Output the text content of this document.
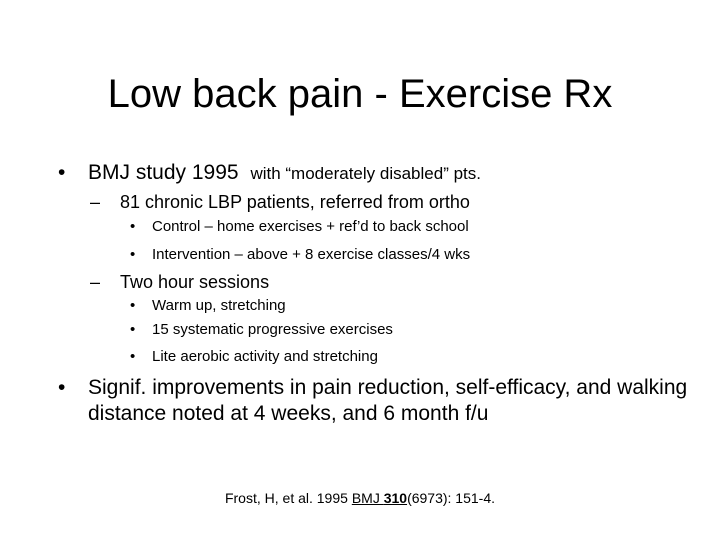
Low back pain - Exercise Rx
• BMJ study 1995 with “moderately disabled” pts.
– 81 chronic LBP patients, referred from ortho
• Control – home exercises + ref’d to back school
• Intervention – above + 8 exercise classes/4 wks
– Two hour sessions
• Warm up, stretching
• 15 systematic progressive exercises
• Lite aerobic activity and stretching
• Signif. improvements in pain reduction, self-efficacy, and walking distance noted at 4 weeks, and 6 month f/u
Frost, H, et al. 1995 BMJ 310(6973): 151-4.
